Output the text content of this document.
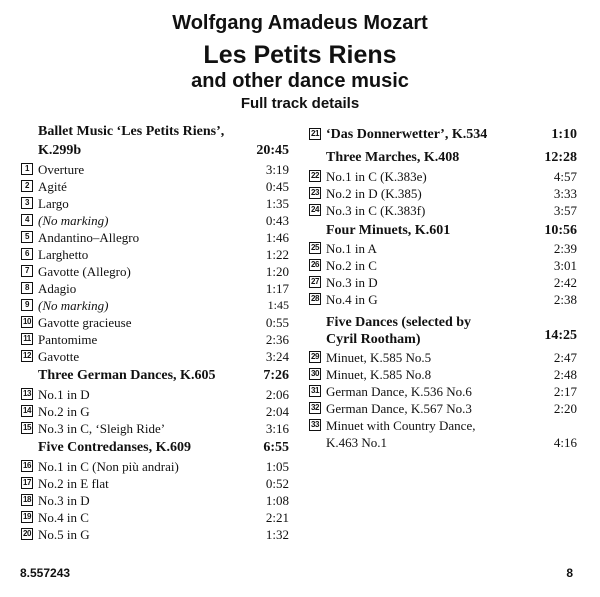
Wolfgang Amadeus Mozart
Les Petits Riens
and other dance music
Full track details
Ballet Music ‘Les Petits Riens’,
K.299b	20:45
1 Overture	3:19
2 Agité	0:45
3 Largo	1:35
4 (No marking)	0:43
5 Andantino–Allegro	1:46
6 Larghetto	1:22
7 Gavotte (Allegro)	1:20
8 Adagio	1:17
9 (No marking)	1:45
10 Gavotte gracieuse	0:55
11 Pantomime	2:36
12 Gavotte	3:24
Three German Dances, K.605	7:26
13 No.1 in D	2:06
14 No.2 in G	2:04
15 No.3 in C, ‘Sleigh Ride’	3:16
Five Contredanses, K.609	6:55
16 No.1 in C (Non più andrai)	1:05
17 No.2 in E flat	0:52
18 No.3 in D	1:08
19 No.4 in C	2:21
20 No.5 in G	1:32
21 ‘Das Donnerwetter’, K.534	1:10
Three Marches, K.408	12:28
22 No.1 in C (K.383e)	4:57
23 No.2 in D (K.385)	3:33
24 No.3 in C (K.383f)	3:57
Four Minuets, K.601	10:56
25 No.1 in A	2:39
26 No.2 in C	3:01
27 No.3 in D	2:42
28 No.4 in G	2:38
Five Dances (selected by
Cyril Rootham)	14:25
29 Minuet, K.585 No.5	2:47
30 Minuet, K.585 No.8	2:48
31 German Dance, K.536 No.6	2:17
32 German Dance, K.567 No.3	2:20
33 Minuet with Country Dance,
K.463 No.1	4:16
8.557243	8
